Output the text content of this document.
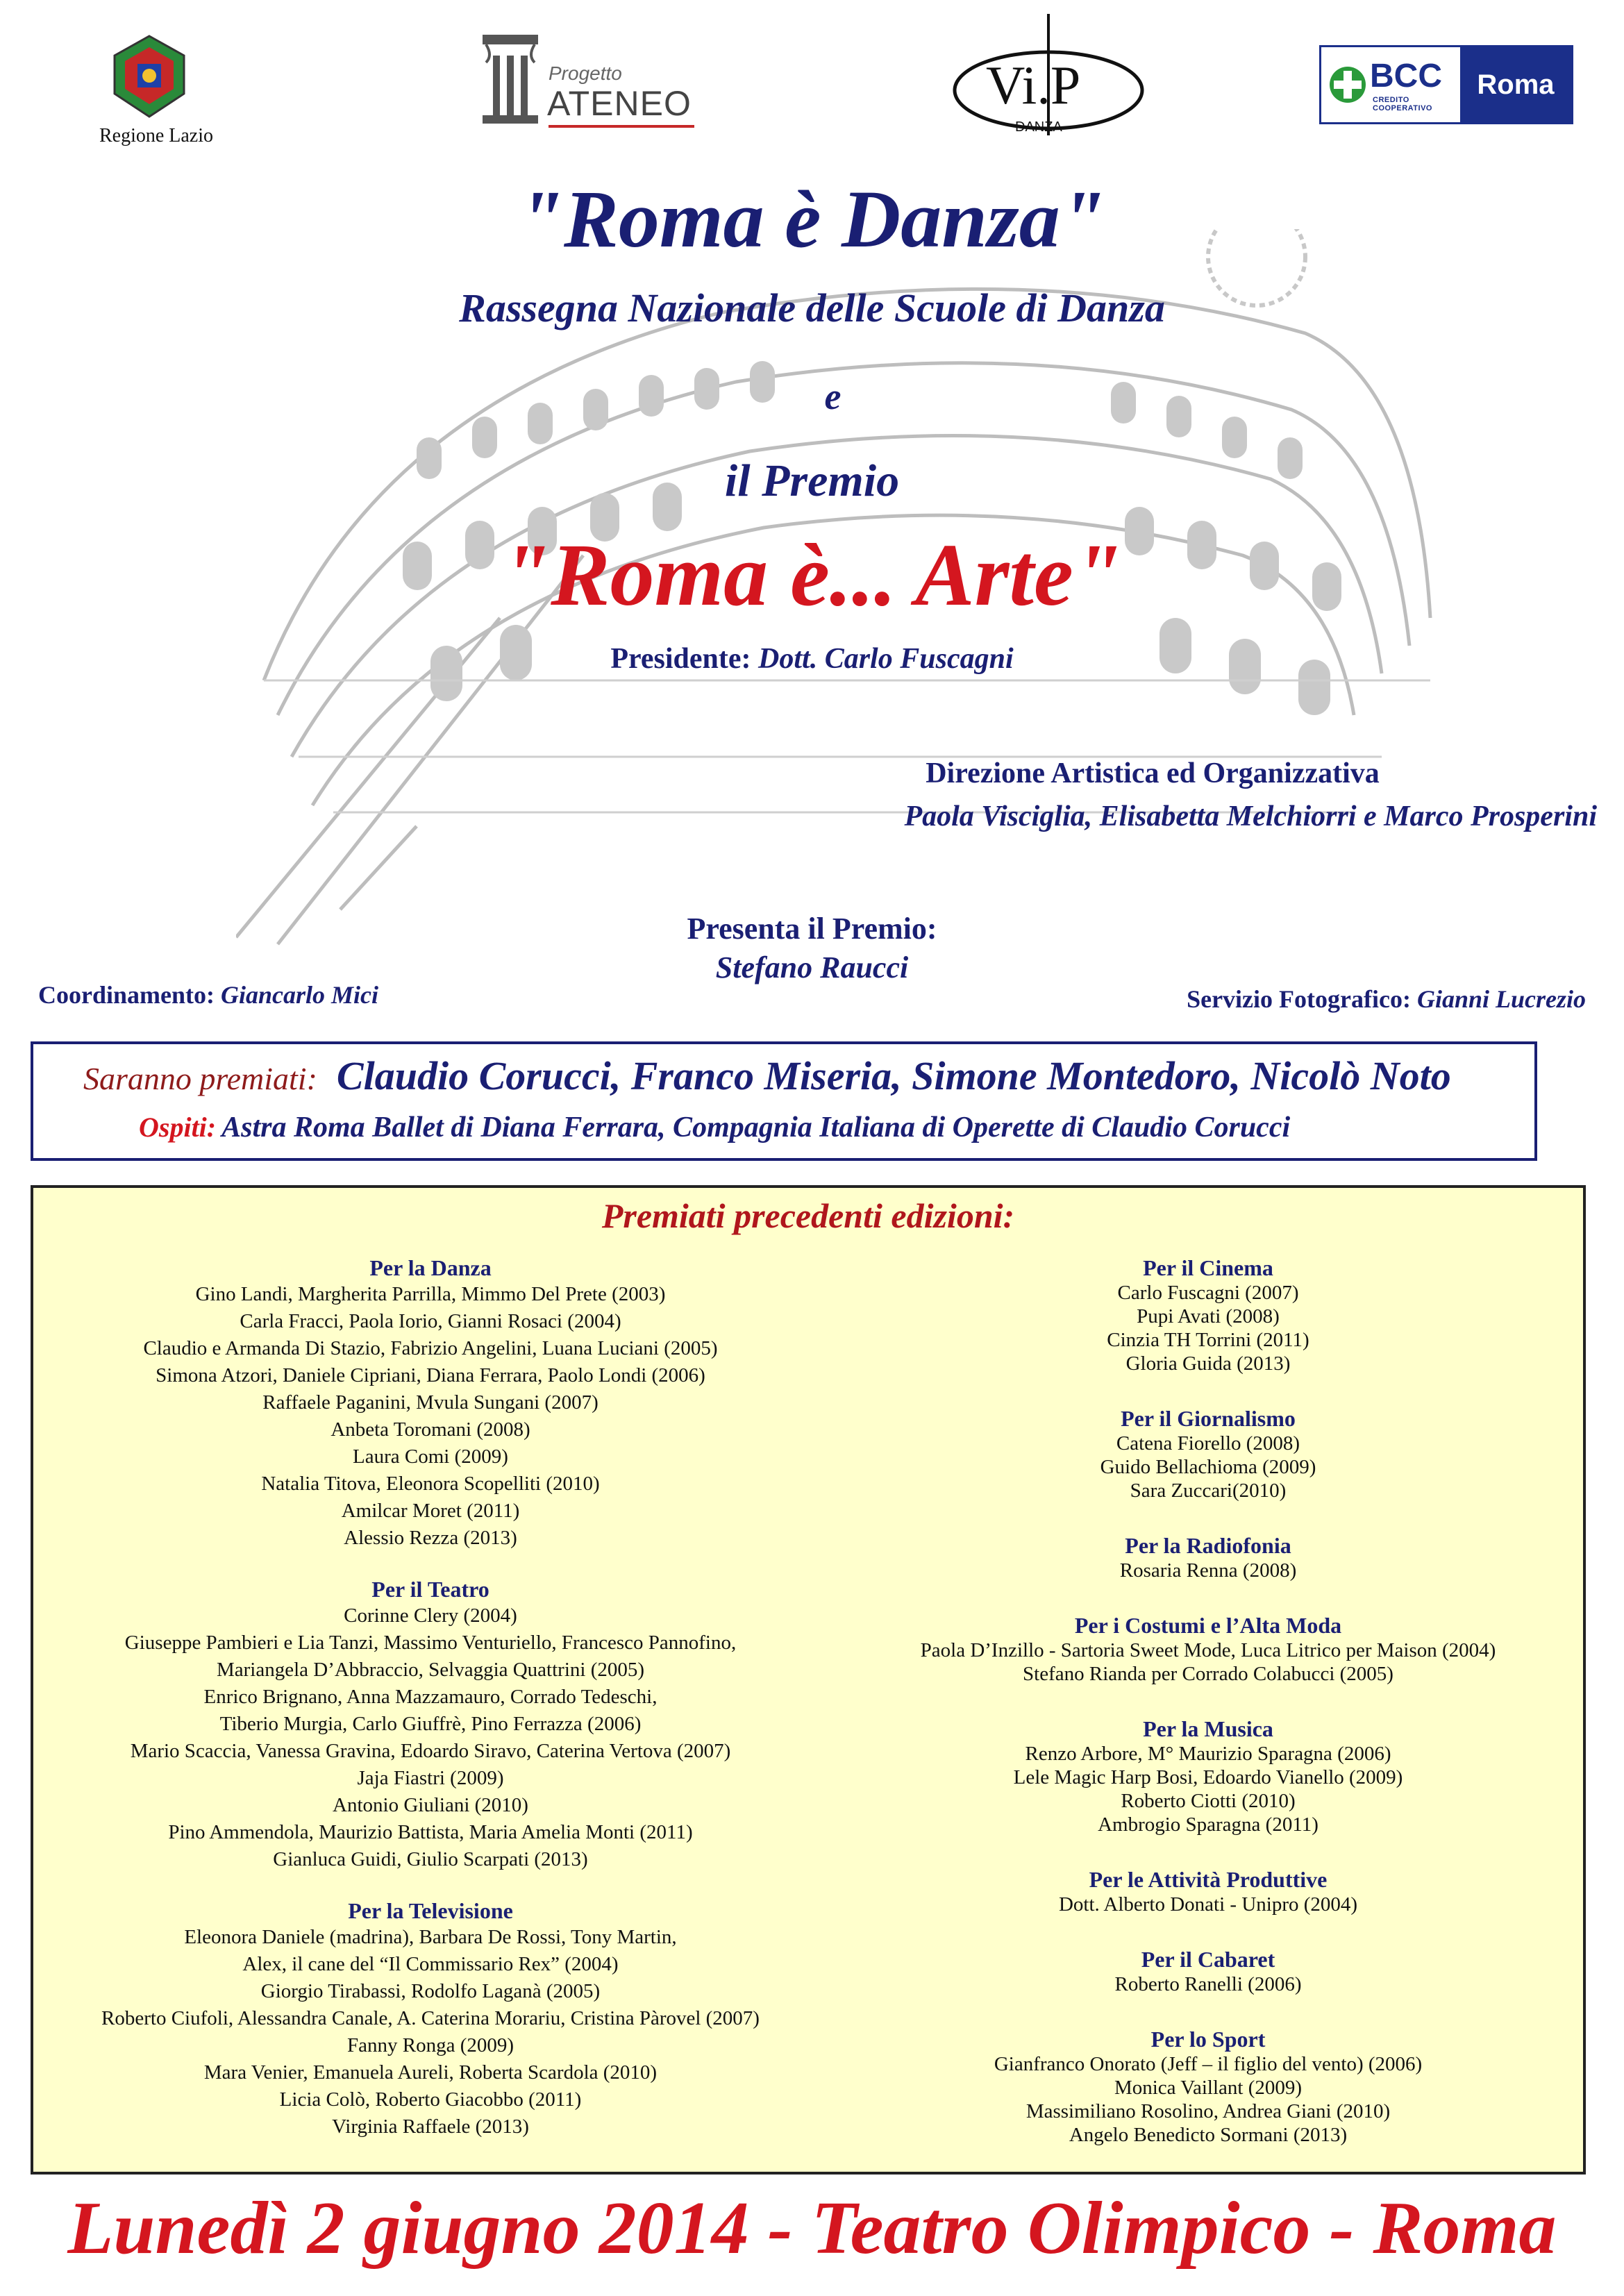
Regione Lazio
Progetto
ATENEO	Vi.P
DANZA
BCC
CREDITO COOPERATIVO
Roma
"Roma è Danza"
Rassegna Nazionale delle Scuole di Danza
e
il Premio
"Roma è... Arte"
Presidente: Dott. Carlo Fuscagni
Direzione Artistica ed Organizzativa
Paola Visciglia, Elisabetta Melchiorri e Marco Prosperini
Presenta il Premio:
Stefano Raucci
Coordinamento: Giancarlo Mici	Servizio Fotografico: Gianni Lucrezio
Saranno premiati: Claudio Corucci, Franco Miseria, Simone Montedoro, Nicolò Noto
Ospiti: Astra Roma Ballet di Diana Ferrara, Compagnia Italiana di Operette di Claudio Corucci
Premiati precedenti edizioni:
Per la Danza
Gino Landi, Margherita Parrilla, Mimmo Del Prete (2003)
Carla Fracci, Paola Iorio, Gianni Rosaci (2004)
Claudio e Armanda Di Stazio, Fabrizio Angelini, Luana Luciani (2005)
Simona Atzori, Daniele Cipriani, Diana Ferrara, Paolo Londi (2006)
Raffaele Paganini, Mvula Sungani (2007)
Anbeta Toromani (2008)
Laura Comi (2009)
Natalia Titova, Eleonora Scopelliti (2010)
Amilcar Moret (2011)
Alessio Rezza (2013)
Per il Teatro
Corinne Clery (2004)
Giuseppe Pambieri e Lia Tanzi, Massimo Venturiello, Francesco Pannofino,
Mariangela D’Abbraccio, Selvaggia Quattrini (2005)
Enrico Brignano, Anna Mazzamauro, Corrado Tedeschi,
Tiberio Murgia, Carlo Giuffrè, Pino Ferrazza (2006)
Mario Scaccia, Vanessa Gravina, Edoardo Siravo, Caterina Vertova (2007)
Jaja Fiastri (2009)
Antonio Giuliani (2010)
Pino Ammendola, Maurizio Battista, Maria Amelia Monti (2011)
Gianluca Guidi, Giulio Scarpati (2013)
Per la Televisione
Eleonora Daniele (madrina), Barbara De Rossi, Tony Martin,
Alex, il cane del “Il Commissario Rex” (2004)
Giorgio Tirabassi, Rodolfo Laganà (2005)
Roberto Ciufoli, Alessandra Canale, A. Caterina Morariu, Cristina Pàrovel (2007)
Fanny Ronga (2009)
Mara Venier, Emanuela Aureli, Roberta Scardola (2010)
Licia Colò, Roberto Giacobbo (2011)
Virginia Raffaele (2013)
Per il Cinema
Carlo Fuscagni (2007)
Pupi Avati (2008)
Cinzia TH Torrini (2011)
Gloria Guida (2013)
Per il Giornalismo
Catena Fiorello (2008)
Guido Bellachioma (2009)
Sara Zuccari(2010)
Per la Radiofonia
Rosaria Renna (2008)
Per i Costumi e l’Alta Moda
Paola D’Inzillo - Sartoria Sweet Mode, Luca Litrico per Maison (2004)
Stefano Rianda per Corrado Colabucci (2005)
Per la Musica
Renzo Arbore, M° Maurizio Sparagna (2006)
Lele Magic Harp Bosi, Edoardo Vianello (2009)
Roberto Ciotti (2010)
Ambrogio Sparagna (2011)
Per le Attività Produttive
Dott. Alberto Donati - Unipro (2004)
Per il Cabaret
Roberto Ranelli (2006)
Per lo Sport
Gianfranco Onorato (Jeff – il figlio del vento) (2006)
Monica Vaillant (2009)
Massimiliano Rosolino, Andrea Giani (2010)
Angelo Benedicto Sormani (2013)
Lunedì 2 giugno 2014 - Teatro Olimpico - Roma
